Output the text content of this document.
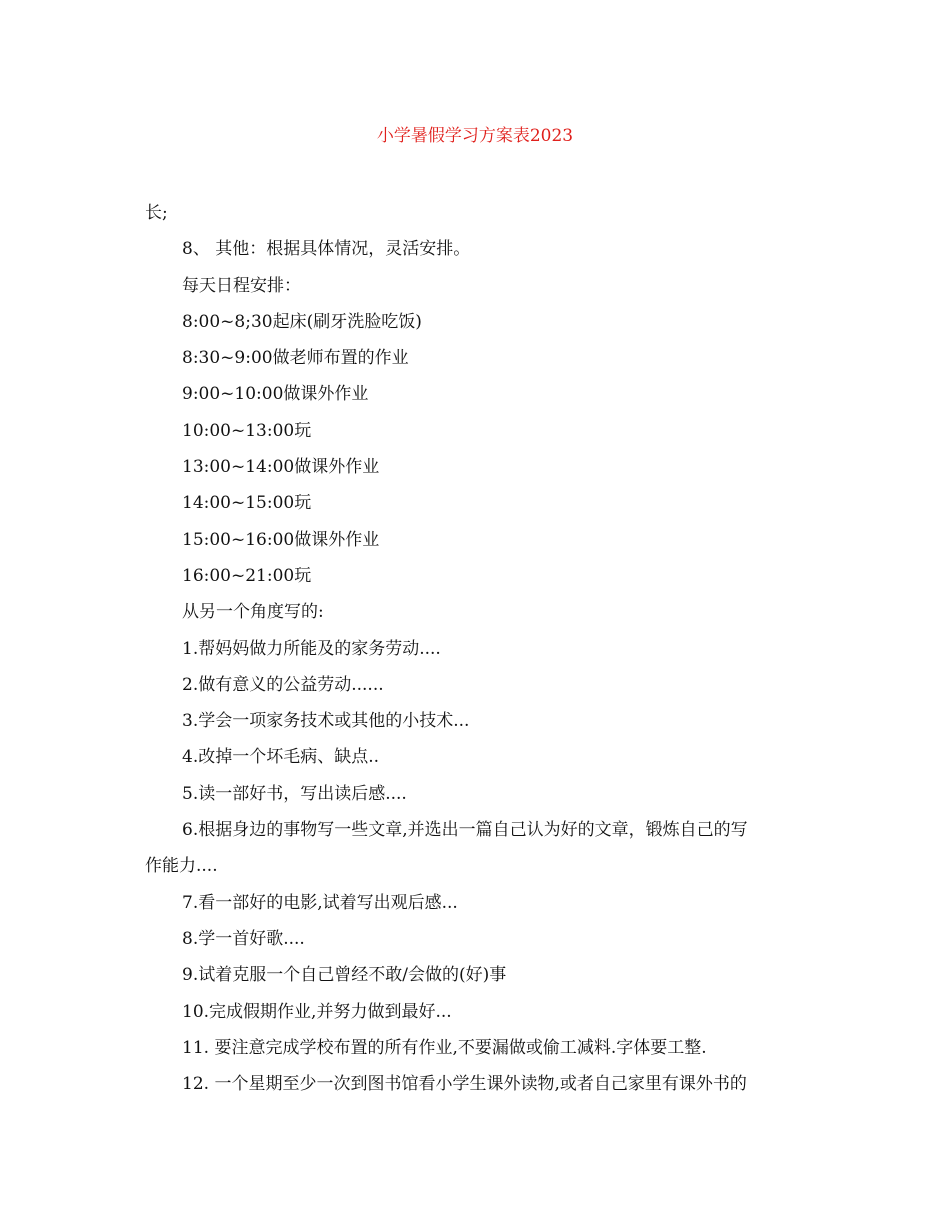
小学暑假学习方案表2023
长;
8、 其他：根据具体情况，灵活安排。
每天日程安排：
8:00~8;30起床(刷牙洗脸吃饭)
8:30~9:00做老师布置的作业
9:00~10:00做课外作业
10:00~13:00玩
13:00~14:00做课外作业
14:00~15:00玩
15:00~16:00做课外作业
16:00~21:00玩
从另一个角度写的:
1.帮妈妈做力所能及的家务劳动....
2.做有意义的公益劳动......
3.学会一项家务技术或其他的小技术...
4.改掉一个坏毛病、缺点..
5.读一部好书，写出读后感....
6.根据身边的事物写一些文章,并选出一篇自己认为好的文章，锻炼自己的写
作能力....
7.看一部好的电影,试着写出观后感...
8.学一首好歌....
9.试着克服一个自己曾经不敢/会做的(好)事
10.完成假期作业,并努力做到最好...
11. 要注意完成学校布置的所有作业,不要漏做或偷工减料.字体要工整.
12. 一个星期至少一次到图书馆看小学生课外读物,或者自己家里有课外书的
